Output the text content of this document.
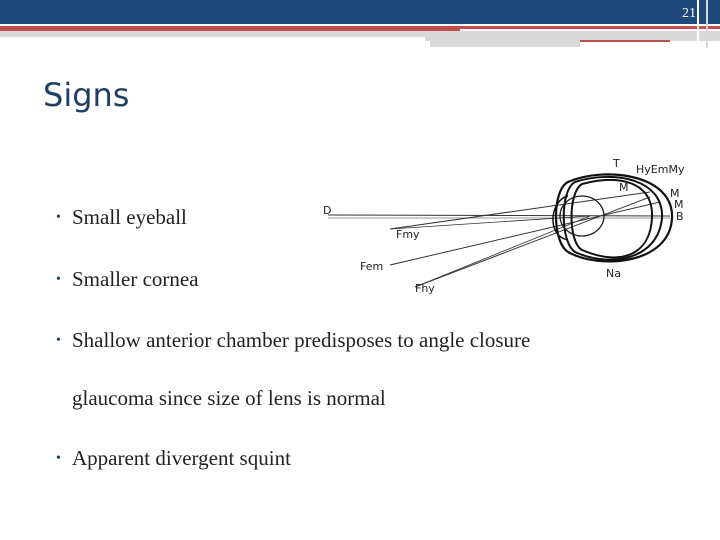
21
Signs
• Small eyeball
• Smaller cornea
• Shallow anterior chamber predisposes to angle closure
• Apparent divergent squint
glaucoma since size of lens is normal
T HyEmMy
M	M
M
B
D
Fmy
Fem
Fhy
Na
